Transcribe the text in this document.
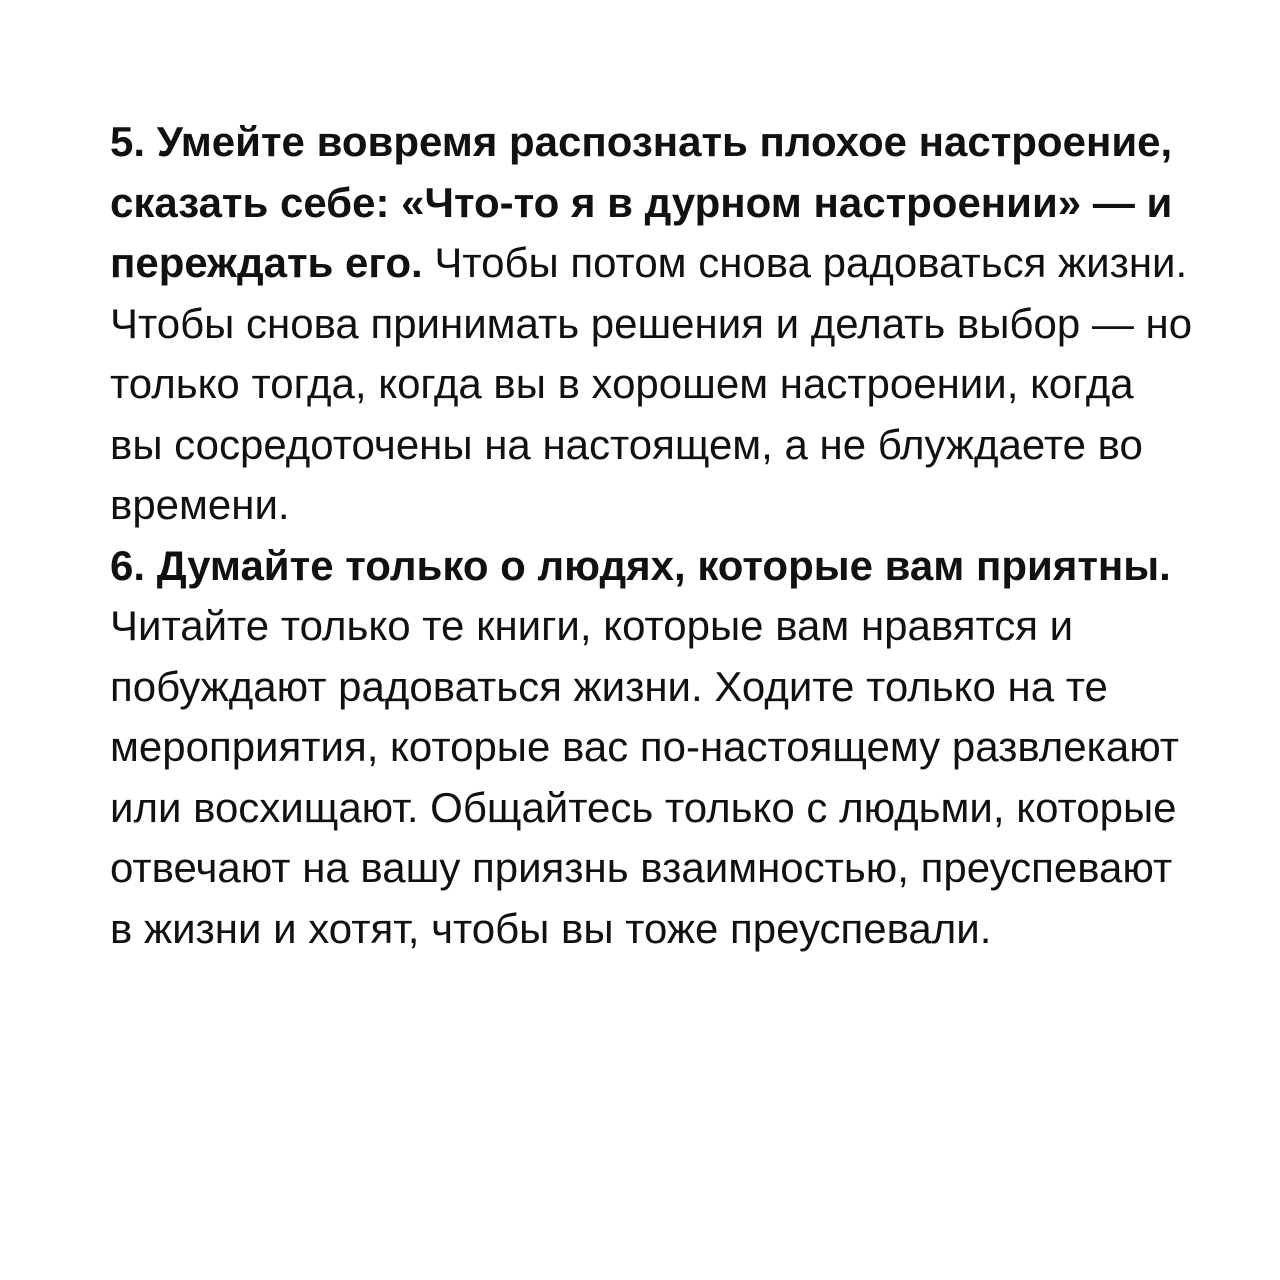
5. Умейте вовремя распознать плохое настроение,
сказать себе: «Что-то я в дурном настроении» — и
переждать его. Чтобы потом снова радоваться жизни.
Чтобы снова принимать решения и делать выбор — но
только тогда, когда вы в хорошем настроении, когда
вы сосредоточены на настоящем, а не блуждаете во
времени.
6. Думайте только о людях, которые вам приятны.
Читайте только те книги, которые вам нравятся и
побуждают радоваться жизни. Ходите только на те
мероприятия, которые вас по-настоящему развлекают
или восхищают. Общайтесь только с людьми, которые
отвечают на вашу приязнь взаимностью, преуспевают
в жизни и хотят, чтобы вы тоже преуспевали.
